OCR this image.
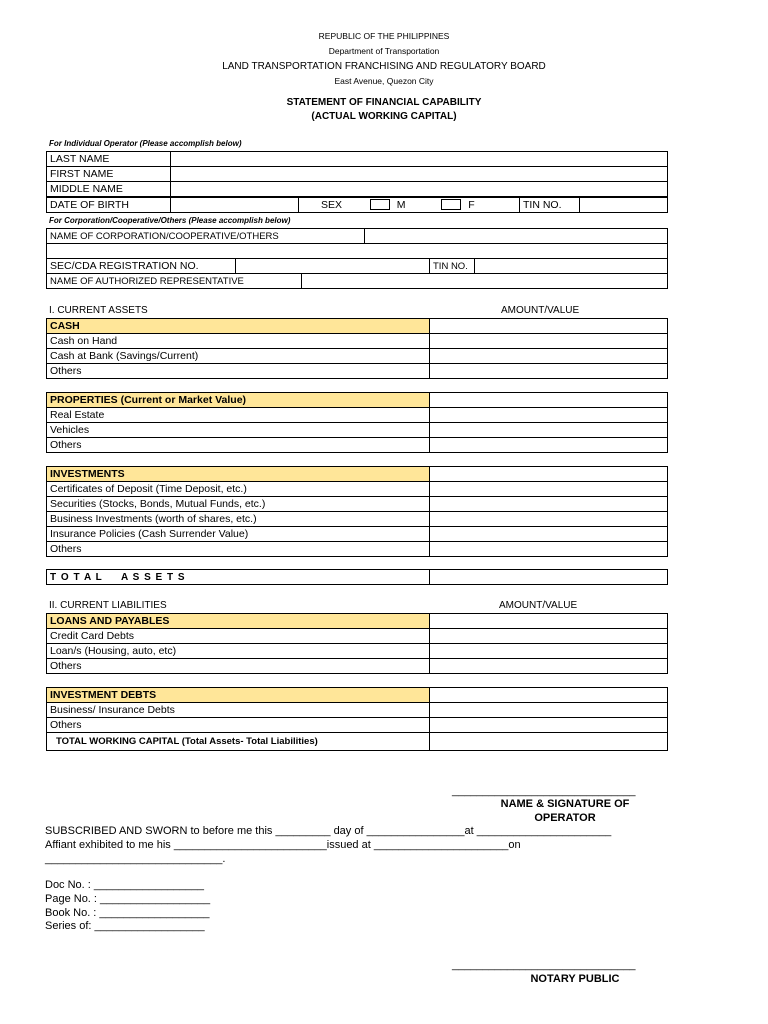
REPUBLIC OF THE PHILIPPINES
Department of Transportation
LAND TRANSPORTATION FRANCHISING AND REGULATORY BOARD
East Avenue, Quezon City
STATEMENT OF FINANCIAL CAPABILITY
(ACTUAL WORKING CAPITAL)
For Individual Operator (Please accomplish below)
LAST NAME	
FIRST NAME	
MIDDLE NAME	
DATE OF BIRTH		SEX	M	F	TIN NO.	
For Corporation/Cooperative/Others (Please accomplish below)
NAME OF CORPORATION/COOPERATIVE/OTHERS	

SEC/CDA REGISTRATION NO.		TIN NO.	
NAME OF AUTHORIZED REPRESENTATIVE	
I. CURRENT ASSETS	AMOUNT/VALUE
CASH	
Cash on Hand	
Cash at Bank (Savings/Current)	
Others	
PROPERTIES (Current or Market Value)	
Real Estate	
Vehicles	
Others	
INVESTMENTS	
Certificates of Deposit (Time Deposit, etc.)	
Securities (Stocks, Bonds, Mutual Funds, etc.)	
Business Investments (worth of shares, etc.)	
Insurance Policies (Cash Surrender Value)	
Others	
T O T A L     A S S E T S	
II. CURRENT LIABILITIES	AMOUNT/VALUE
LOANS AND PAYABLES	
Credit Card Debts	
Loan/s (Housing, auto, etc)	
Others	
INVESTMENT DEBTS	
Business/ Insurance Debts	
Others	
TOTAL WORKING CAPITAL (Total Assets- Total Liabilities)	
______________________________
NAME & SIGNATURE OF
OPERATOR
SUBSCRIBED AND SWORN to before me this _________ day of ________________at ______________________
Affiant exhibited to me his _________________________issued at ______________________on
_____________________________.
Doc No. : __________________
Page No. : __________________
Book No. : __________________
Series of: __________________
______________________________
NOTARY PUBLIC
